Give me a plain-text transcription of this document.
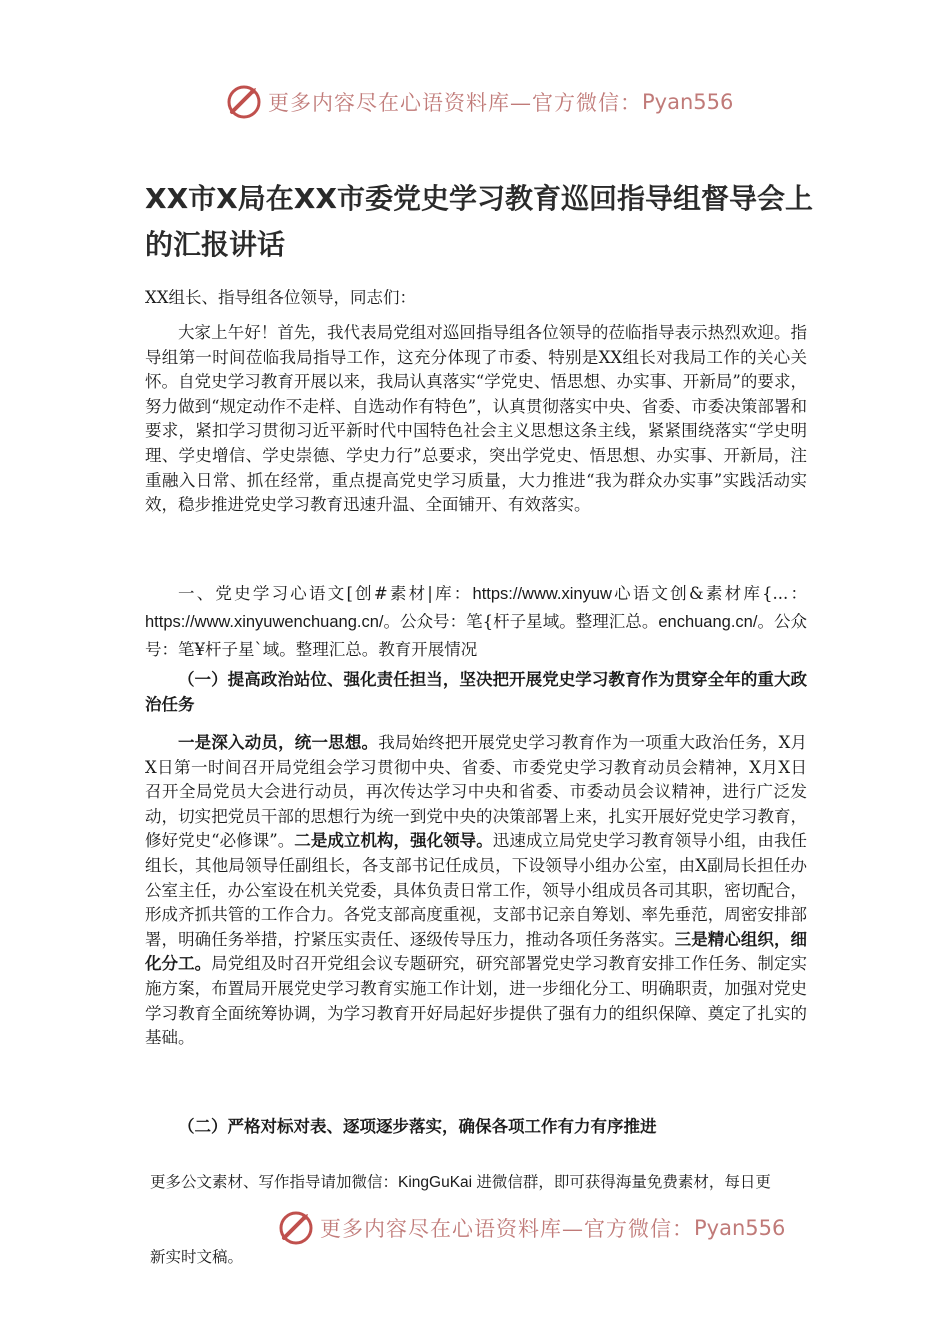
更多内容尽在心语资料库—官方微信： Pyan556
XX市X局在XX市委党史学习教育巡回指导组督导会上的汇报讲话

XX组长、指导组各位领导，同志们：

大家上午好！首先，我代表局党组对巡回指导组各位领导的莅临指导表示热烈欢迎。指导组第一时间莅临我局指导工作，这充分体现了市委、特别是XX组长对我局工作的关心关怀。自党史学习教育开展以来，我局认真落实“学党史、悟思想、办实事、开新局”的要求，努力做到“规定动作不走样、自选动作有特色”，认真贯彻落实中央、省委、市委决策部署和要求，紧扣学习贯彻习近平新时代中国特色社会主义思想这条主线，紧紧围绕落实“学史明理、学史增信、学史崇德、学史力行”总要求，突出学党史、悟思想、办实事、开新局，注重融入日常、抓在经常，重点提高党史学习质量，大力推进“我为群众办实事”实践活动实效，稳步推进党史学习教育迅速升温、全面铺开、有效落实。

一、党史学习心语文[创#素材|库：https://www.xinyuw心语文创&素材库{...：https://www.xinyuwenchuang.cn/。公众号：笔{杆子星域。整理汇总。enchuang.cn/。公众号：笔¥杆子星`域。整理汇总。教育开展情况

（一）提高政治站位、强化责任担当，坚决把开展党史学习教育作为贯穿全年的重大政治任务

一是深入动员，统一思想。我局始终把开展党史学习教育作为一项重大政治任务，X月X日第一时间召开局党组会学习贯彻中央、省委、市委党史学习教育动员会精神，X月X日召开全局党员大会进行动员，再次传达学习中央和省委、市委动员会议精神，进行广泛发动，切实把党员干部的思想行为统一到党中央的决策部署上来，扎实开展好党史学习教育，修好党史“必修课”。二是成立机构，强化领导。迅速成立局党史学习教育领导小组，由我任组长，其他局领导任副组长，各支部书记任成员，下设领导小组办公室，由X副局长担任办公室主任，办公室设在机关党委，具体负责日常工作，领导小组成员各司其职，密切配合，形成齐抓共管的工作合力。各党支部高度重视，支部书记亲自筹划、率先垂范，周密安排部署，明确任务举措，拧紧压实责任、逐级传导压力，推动各项任务落实。三是精心组织，细化分工。局党组及时召开党组会议专题研究，研究部署党史学习教育安排工作任务、制定实施方案，布置局开展党史学习教育实施工作计划，进一步细化分工、明确职责，加强对党史学习教育全面统筹协调，为学习教育开好局起好步提供了强有力的组织保障、奠定了扎实的基础。

（二）严格对标对表、逐项逐步落实，确保各项工作有力有序推进

更多公文素材、写作指导请加微信：KingGuKai 进微信群，即可获得海量免费素材，每日更
更多内容尽在心语资料库—官方微信： Pyan556
新实时文稿。
